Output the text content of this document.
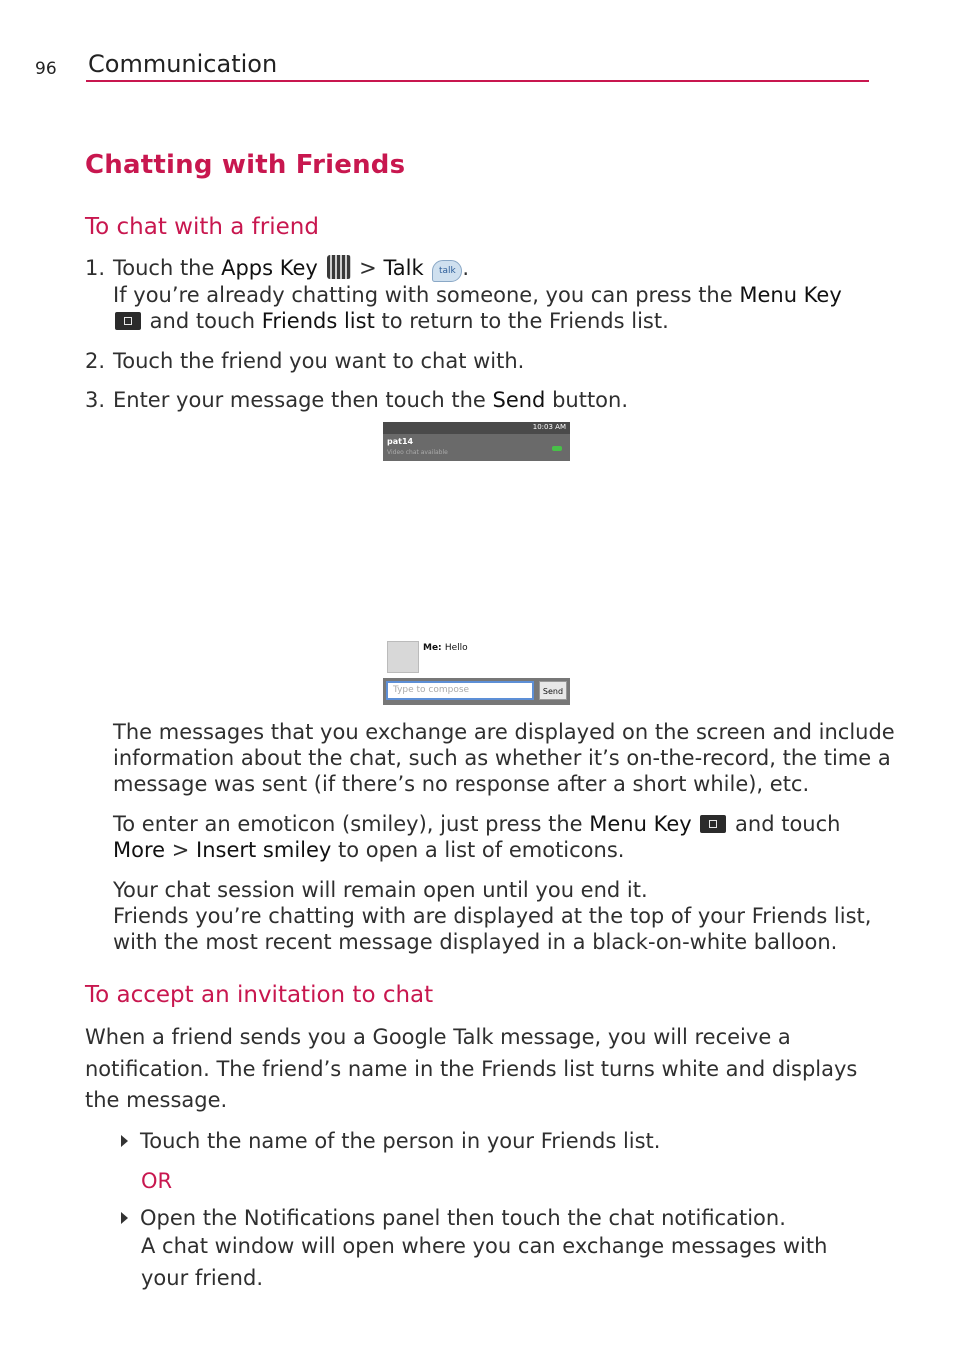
96 Communication
Chatting with Friends
To chat with a friend
1. Touch the Apps Key  > Talk talk .
If you’re already chatting with someone, you can press the Menu Key
and touch Friends list to return to the Friends list.
2. Touch the friend you want to chat with.
3. Enter your message then touch the Send button.
10:03 AM
pat14
Video chat available
Me: Hello
Type to compose	Send
The messages that you exchange are displayed on the screen and include
information about the chat, such as whether it’s on-the-record, the time a
message was sent (if there’s no response after a short while), etc.
To enter an emoticon (smiley), just press the Menu Key  and touch
More > Insert smiley to open a list of emoticons.
Your chat session will remain open until you end it.
Friends you’re chatting with are displayed at the top of your Friends list,
with the most recent message displayed in a black-on-white balloon.
To accept an invitation to chat
When a friend sends you a Google Talk message, you will receive a
notification. The friend’s name in the Friends list turns white and displays
the message.
Touch the name of the person in your Friends list.
OR
Open the Notifications panel then touch the chat notification.
A chat window will open where you can exchange messages with
your friend.
